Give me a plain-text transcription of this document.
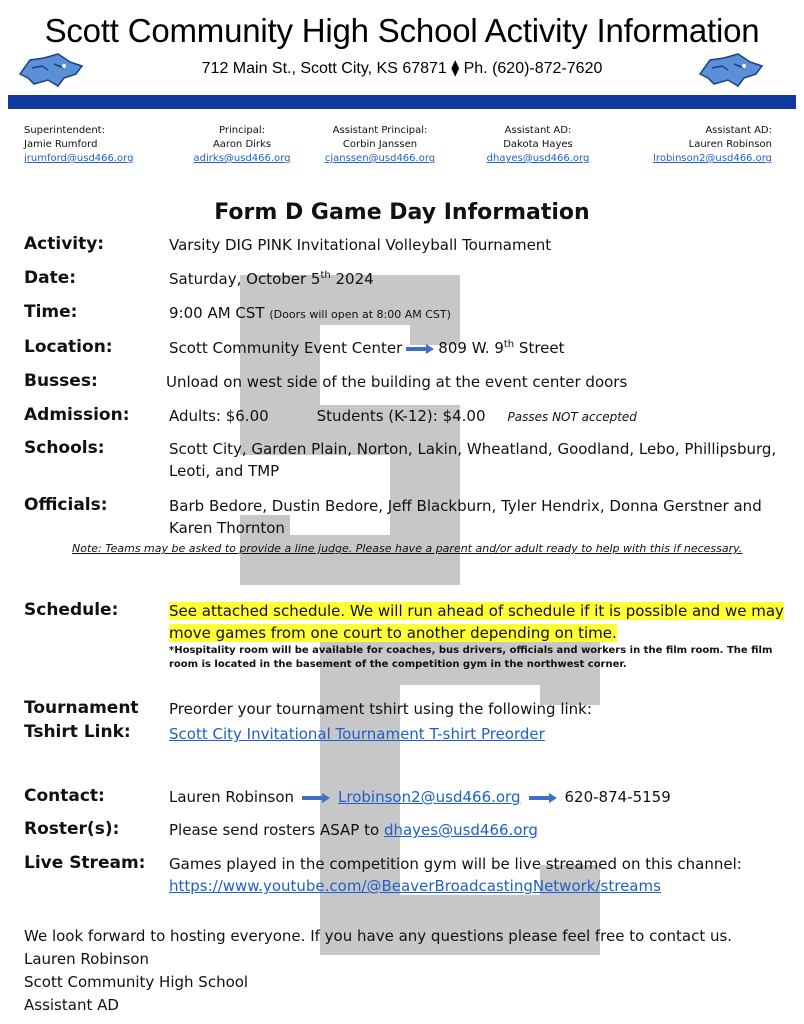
Scott Community High School Activity Information
712 Main St., Scott City, KS 67871 ⧫ Ph. (620)-872-7620
Superintendent:
Jamie Rumford
jrumford@usd466.org
Principal:
Aaron Dirks
adirks@usd466.org
Assistant Principal:
Corbin Janssen
cjanssen@usd466.org
Assistant AD:
Dakota Hayes
dhayes@usd466.org
Assistant AD:
Lauren Robinson
lrobinson2@usd466.org
Form D Game Day Information
Activity:	Varsity DIG PINK Invitational Volleyball Tournament
Date:	Saturday, October 5th 2024
Time:	9:00 AM CST (Doors will open at 8:00 AM CST)
Location:	Scott Community Event Center 809 W. 9th Street
Busses:	Unload on west side of the building at the event center doors
Admission:	Adults: $6.00	Students (K-12): $4.00 Passes NOT accepted
Schools:	Scott City, Garden Plain, Norton, Lakin, Wheatland, Goodland, Lebo, Phillipsburg, Leoti, and TMP
Officials:	Barb Bedore, Dustin Bedore, Jeff Blackburn, Tyler Hendrix, Donna Gerstner and Karen Thornton
Note: Teams may be asked to provide a line judge. Please have a parent and/or adult ready to help with this if necessary.
Schedule:	See attached schedule. We will run ahead of schedule if it is possible and we may move games from one court to another depending on time.
*Hospitality room will be available for coaches, bus drivers, officials and workers in the film room. The film room is located in the basement of the competition gym in the northwest corner.
Tournament
Tshirt Link:
Preorder your tournament tshirt using the following link:
Scott City Invitational Tournament T-shirt Preorder
Contact:	Lauren Robinson	Lrobinson2@usd466.org	620-874-5159
Roster(s):	Please send rosters ASAP to dhayes@usd466.org
Live Stream: Games played in the competition gym will be live streamed on this channel:
https://www.youtube.com/@BeaverBroadcastingNetwork/streams
We look forward to hosting everyone. If you have any questions please feel free to contact us.
Lauren Robinson
Scott Community High School
Assistant AD
